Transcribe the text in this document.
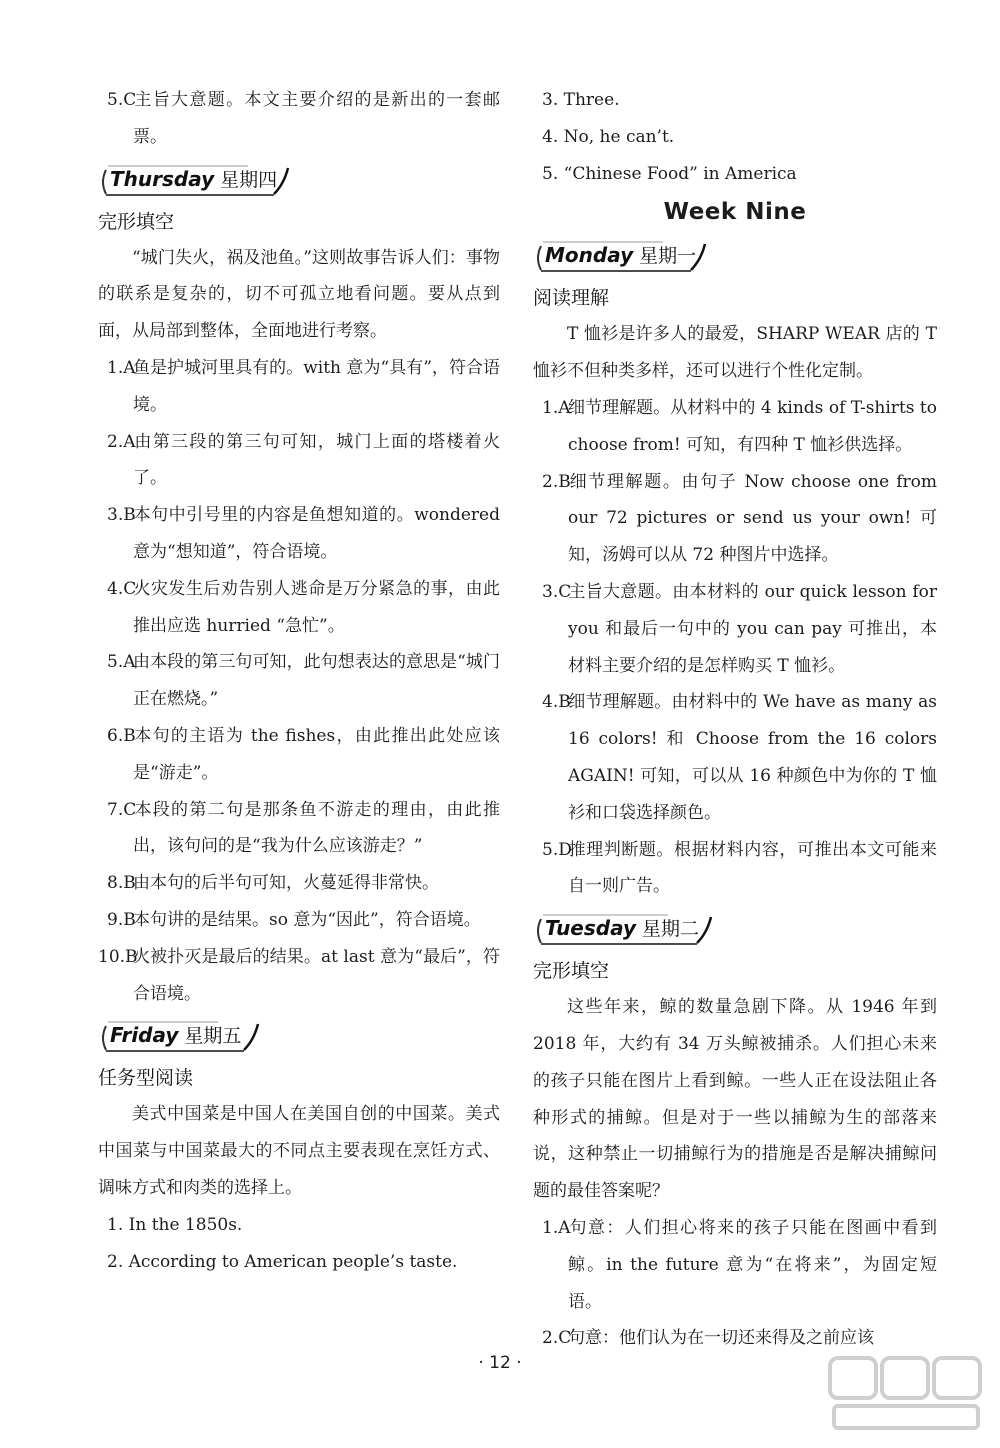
5.C主旨大意题。本文主要介绍的是新出的一套邮票。

Thursday 星期四

完形填空

“城门失火，祸及池鱼。”这则故事告诉人们：事物的联系是复杂的，切不可孤立地看问题。要从点到面，从局部到整体，全面地进行考察。

1.A鱼是护城河里具有的。with 意为“具有”，符合语境。

2.A由第三段的第三句可知，城门上面的塔楼着火了。

3.B本句中引号里的内容是鱼想知道的。wondered 意为“想知道”，符合语境。

4.C火灾发生后劝告别人逃命是万分紧急的事，由此推出应选 hurried “急忙”。

5.A由本段的第三句可知，此句想表达的意思是“城门正在燃烧。”

6.B本句的主语为 the fishes，由此推出此处应该是“游走”。

7.C本段的第二句是那条鱼不游走的理由，由此推出，该句问的是“我为什么应该游走？”

8.B由本句的后半句可知，火蔓延得非常快。

9.B本句讲的是结果。so 意为“因此”，符合语境。

10.B火被扑灭是最后的结果。at last 意为“最后”，符合语境。

Friday 星期五

任务型阅读

美式中国菜是中国人在美国自创的中国菜。美式中国菜与中国菜最大的不同点主要表现在烹饪方式、调味方式和肉类的选择上。

1. In the 1850s.

2. According to American people’s taste.

3. Three.

4. No, he can’t.

5. “Chinese Food” in America

Week Nine

Monday 星期一

阅读理解

T 恤衫是许多人的最爱，SHARP WEAR 店的 T 恤衫不但种类多样，还可以进行个性化定制。

1.A细节理解题。从材料中的 4 kinds of T-shirts to choose from! 可知，有四种 T 恤衫供选择。

2.B细节理解题。由句子 Now choose one from our 72 pictures or send us your own! 可知，汤姆可以从 72 种图片中选择。

3.C主旨大意题。由本材料的 our quick lesson for you 和最后一句中的 you can pay 可推出，本材料主要介绍的是怎样购买 T 恤衫。

4.B细节理解题。由材料中的 We have as many as 16 colors! 和 Choose from the 16 colors AGAIN! 可知，可以从 16 种颜色中为你的 T 恤衫和口袋选择颜色。

5.D推理判断题。根据材料内容，可推出本文可能来自一则广告。

Tuesday 星期二

完形填空

这些年来，鲸的数量急剧下降。从 1946 年到 2018 年，大约有 34 万头鲸被捕杀。人们担心未来的孩子只能在图片上看到鲸。一些人正在设法阻止各种形式的捕鲸。但是对于一些以捕鲸为生的部落来说，这种禁止一切捕鲸行为的措施是否是解决捕鲸问题的最佳答案呢？

1.A句意：人们担心将来的孩子只能在图画中看到鲸。in the future 意为“在将来”，为固定短语。

2.C句意：他们认为在一切还来得及之前应该

· 12 ·
